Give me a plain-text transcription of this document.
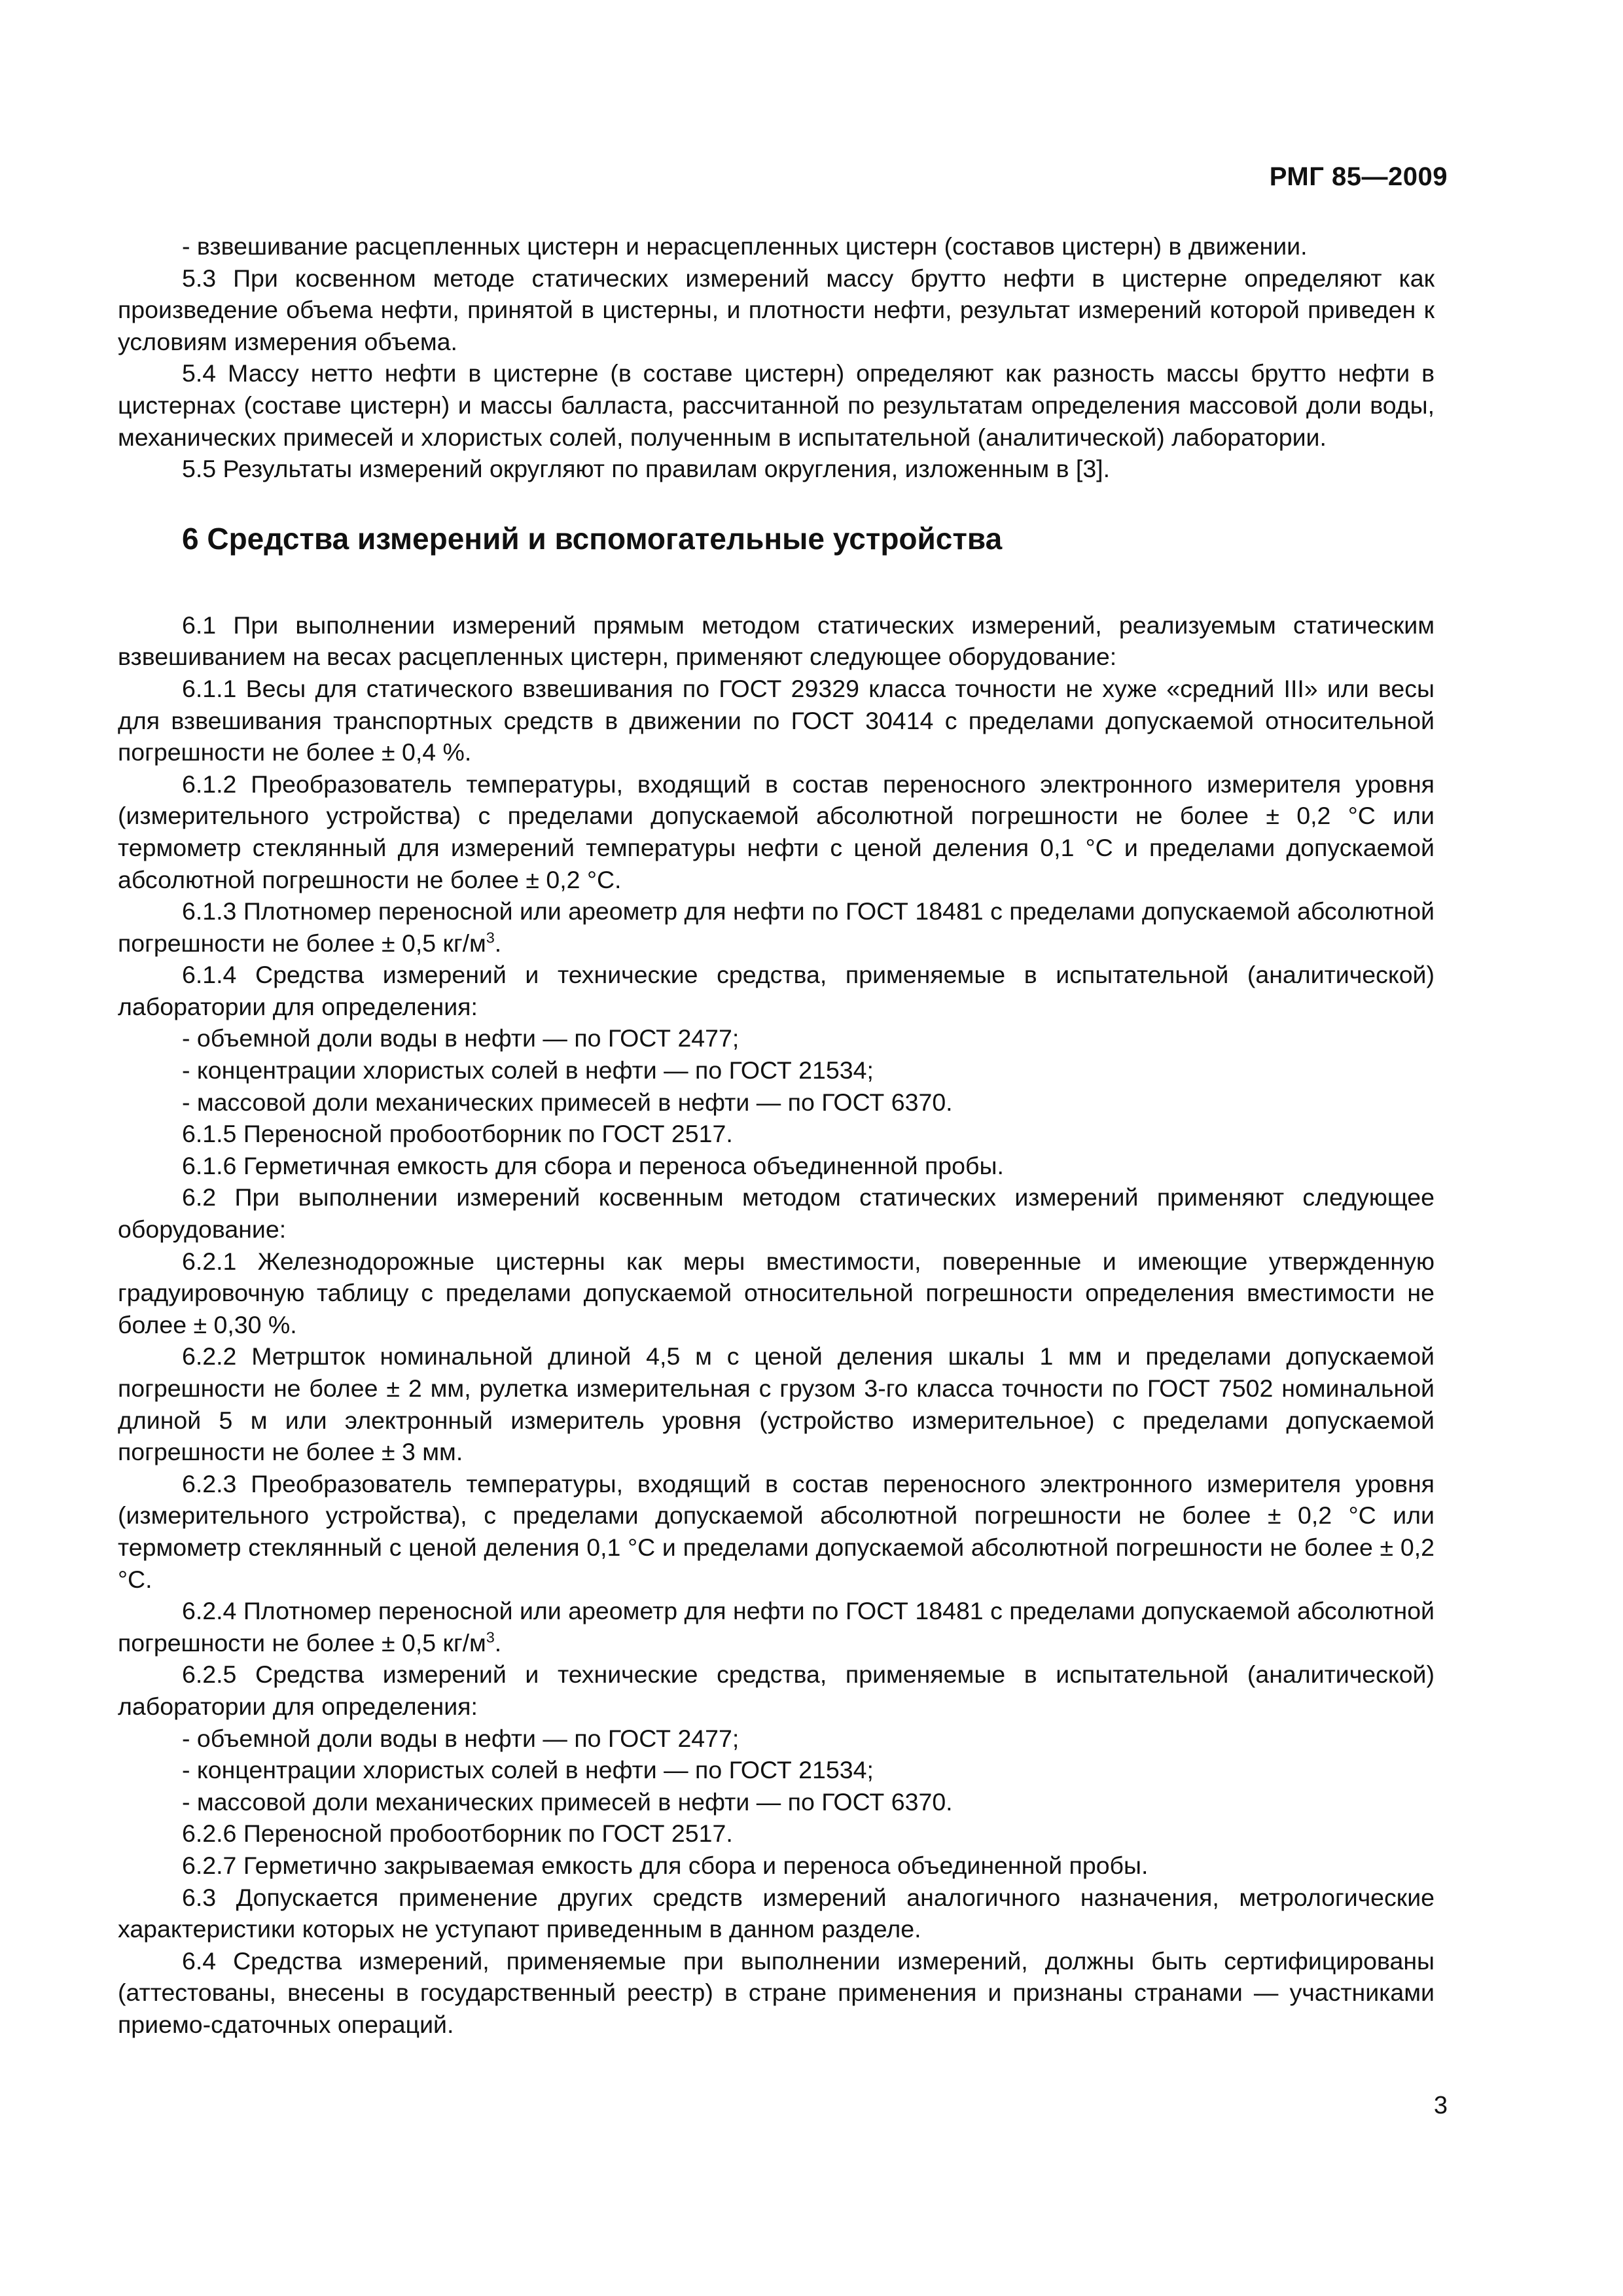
РМГ 85—2009

- взвешивание расцепленных цистерн и нерасцепленных цистерн (составов цистерн) в движении.

5.3 При косвенном методе статических измерений массу брутто нефти в цистерне определяют как произведение объема нефти, принятой в цистерны, и плотности нефти, результат измерений которой приведен к условиям измерения объема.

5.4 Массу нетто нефти в цистерне (в составе цистерн) определяют как разность массы брутто нефти в цистернах (составе цистерн) и массы балласта, рассчитанной по результатам определения массовой доли воды, механических примесей и хлористых солей, полученным в испытательной (аналитической) лаборатории.

5.5 Результаты измерений округляют по правилам округления, изложенным в [3].

6 Средства измерений и вспомогательные устройства

6.1 При выполнении измерений прямым методом статических измерений, реализуемым статическим взвешиванием на весах расцепленных цистерн, применяют следующее оборудование:

6.1.1 Весы для статического взвешивания по ГОСТ 29329 класса точности не хуже «средний III» или весы для взвешивания транспортных средств в движении по ГОСТ 30414 с пределами допускаемой относительной погрешности не более ± 0,4 %.

6.1.2 Преобразователь температуры, входящий в состав переносного электронного измерителя уровня (измерительного устройства) с пределами допускаемой абсолютной погрешности не более ± 0,2 °С или термометр стеклянный для измерений температуры нефти с ценой деления 0,1 °С и пределами допускаемой абсолютной погрешности не более ± 0,2 °С.

6.1.3 Плотномер переносной или ареометр для нефти по ГОСТ 18481 с пределами допускаемой абсолютной погрешности не более ± 0,5 $кг/м^3$.

6.1.4 Средства измерений и технические средства, применяемые в испытательной (аналитической) лаборатории для определения:

- объемной доли воды в нефти — по ГОСТ 2477;

- концентрации хлористых солей в нефти — по ГОСТ 21534;

- массовой доли механических примесей в нефти — по ГОСТ 6370.

6.1.5 Переносной пробоотборник по ГОСТ 2517.

6.1.6 Герметичная емкость для сбора и переноса объединенной пробы.

6.2 При выполнении измерений косвенным методом статических измерений применяют следующее оборудование:

6.2.1 Железнодорожные цистерны как меры вместимости, поверенные и имеющие утвержденную градуировочную таблицу с пределами допускаемой относительной погрешности определения вместимости не более ± 0,30 %.

6.2.2 Метршток номинальной длиной 4,5 м с ценой деления шкалы 1 мм и пределами допускаемой погрешности не более ± 2 мм, рулетка измерительная с грузом 3-го класса точности по ГОСТ 7502 номинальной длиной 5 м или электронный измеритель уровня (устройство измерительное) с пределами допускаемой погрешности не более ± 3 мм.

6.2.3 Преобразователь температуры, входящий в состав переносного электронного измерителя уровня (измерительного устройства), с пределами допускаемой абсолютной погрешности не более ± 0,2 °С или термометр стеклянный с ценой деления 0,1 °С и пределами допускаемой абсолютной погрешности не более ± 0,2 °С.

6.2.4 Плотномер переносной или ареометр для нефти по ГОСТ 18481 с пределами допускаемой абсолютной погрешности не более ± 0,5 $кг/м^3$.

6.2.5 Средства измерений и технические средства, применяемые в испытательной (аналитической) лаборатории для определения:

- объемной доли воды в нефти — по ГОСТ 2477;

- концентрации хлористых солей в нефти — по ГОСТ 21534;

- массовой доли механических примесей в нефти — по ГОСТ 6370.

6.2.6 Переносной пробоотборник по ГОСТ 2517.

6.2.7 Герметично закрываемая емкость для сбора и переноса объединенной пробы.

6.3 Допускается применение других средств измерений аналогичного назначения, метрологические характеристики которых не уступают приведенным в данном разделе.

6.4 Средства измерений, применяемые при выполнении измерений, должны быть сертифицированы (аттестованы, внесены в государственный реестр) в стране применения и признаны странами — участниками приемо-сдаточных операций.

3
